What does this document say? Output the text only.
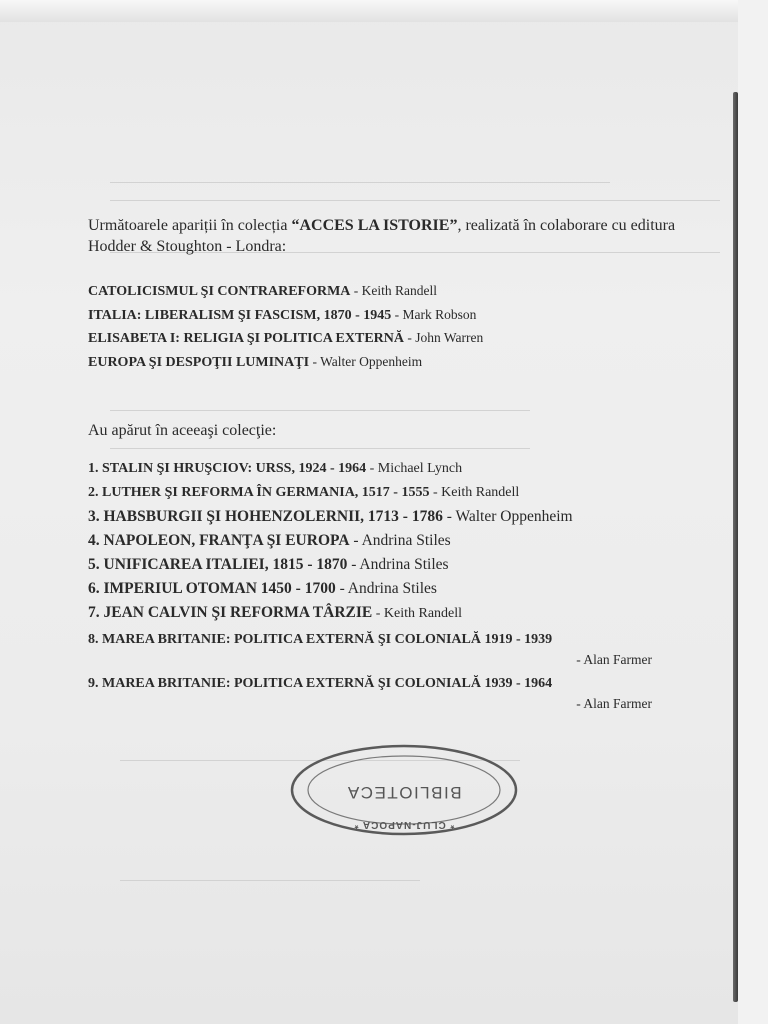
Următoarele apariții în colecția “ACCES LA ISTORIE”, realizată în colaborare cu editura Hodder & Stoughton - Londra:
CATOLICISMUL ŞI CONTRAREFORMA - Keith Randell
ITALIA: LIBERALISM ŞI FASCISM, 1870 - 1945 - Mark Robson
ELISABETA I: RELIGIA ŞI POLITICA EXTERNĂ - John Warren
EUROPA ŞI DESPOŢII LUMINAŢI - Walter Oppenheim
Au apărut în aceeaşi colecţie:
1. STALIN ŞI HRUŞCIOV: URSS, 1924 - 1964 - Michael Lynch
2. LUTHER ŞI REFORMA ÎN GERMANIA, 1517 - 1555 - Keith Randell
3. HABSBURGII ŞI HOHENZOLERNII, 1713 - 1786 - Walter Oppenheim
4. NAPOLEON, FRANŢA ŞI EUROPA - Andrina Stiles
5. UNIFICAREA ITALIEI, 1815 - 1870 - Andrina Stiles
6. IMPERIUL OTOMAN 1450 - 1700 - Andrina Stiles
7. JEAN CALVIN ŞI REFORMA TÂRZIE - Keith Randell
8. MAREA BRITANIE: POLITICA EXTERNĂ ŞI COLONIALĂ 1919 - 1939
- Alan Farmer
9. MAREA BRITANIE: POLITICA EXTERNĂ ŞI COLONIALĂ 1939 - 1964
- Alan Farmer
BIBLIOTECA
* CLUJ-NAPOCA *
